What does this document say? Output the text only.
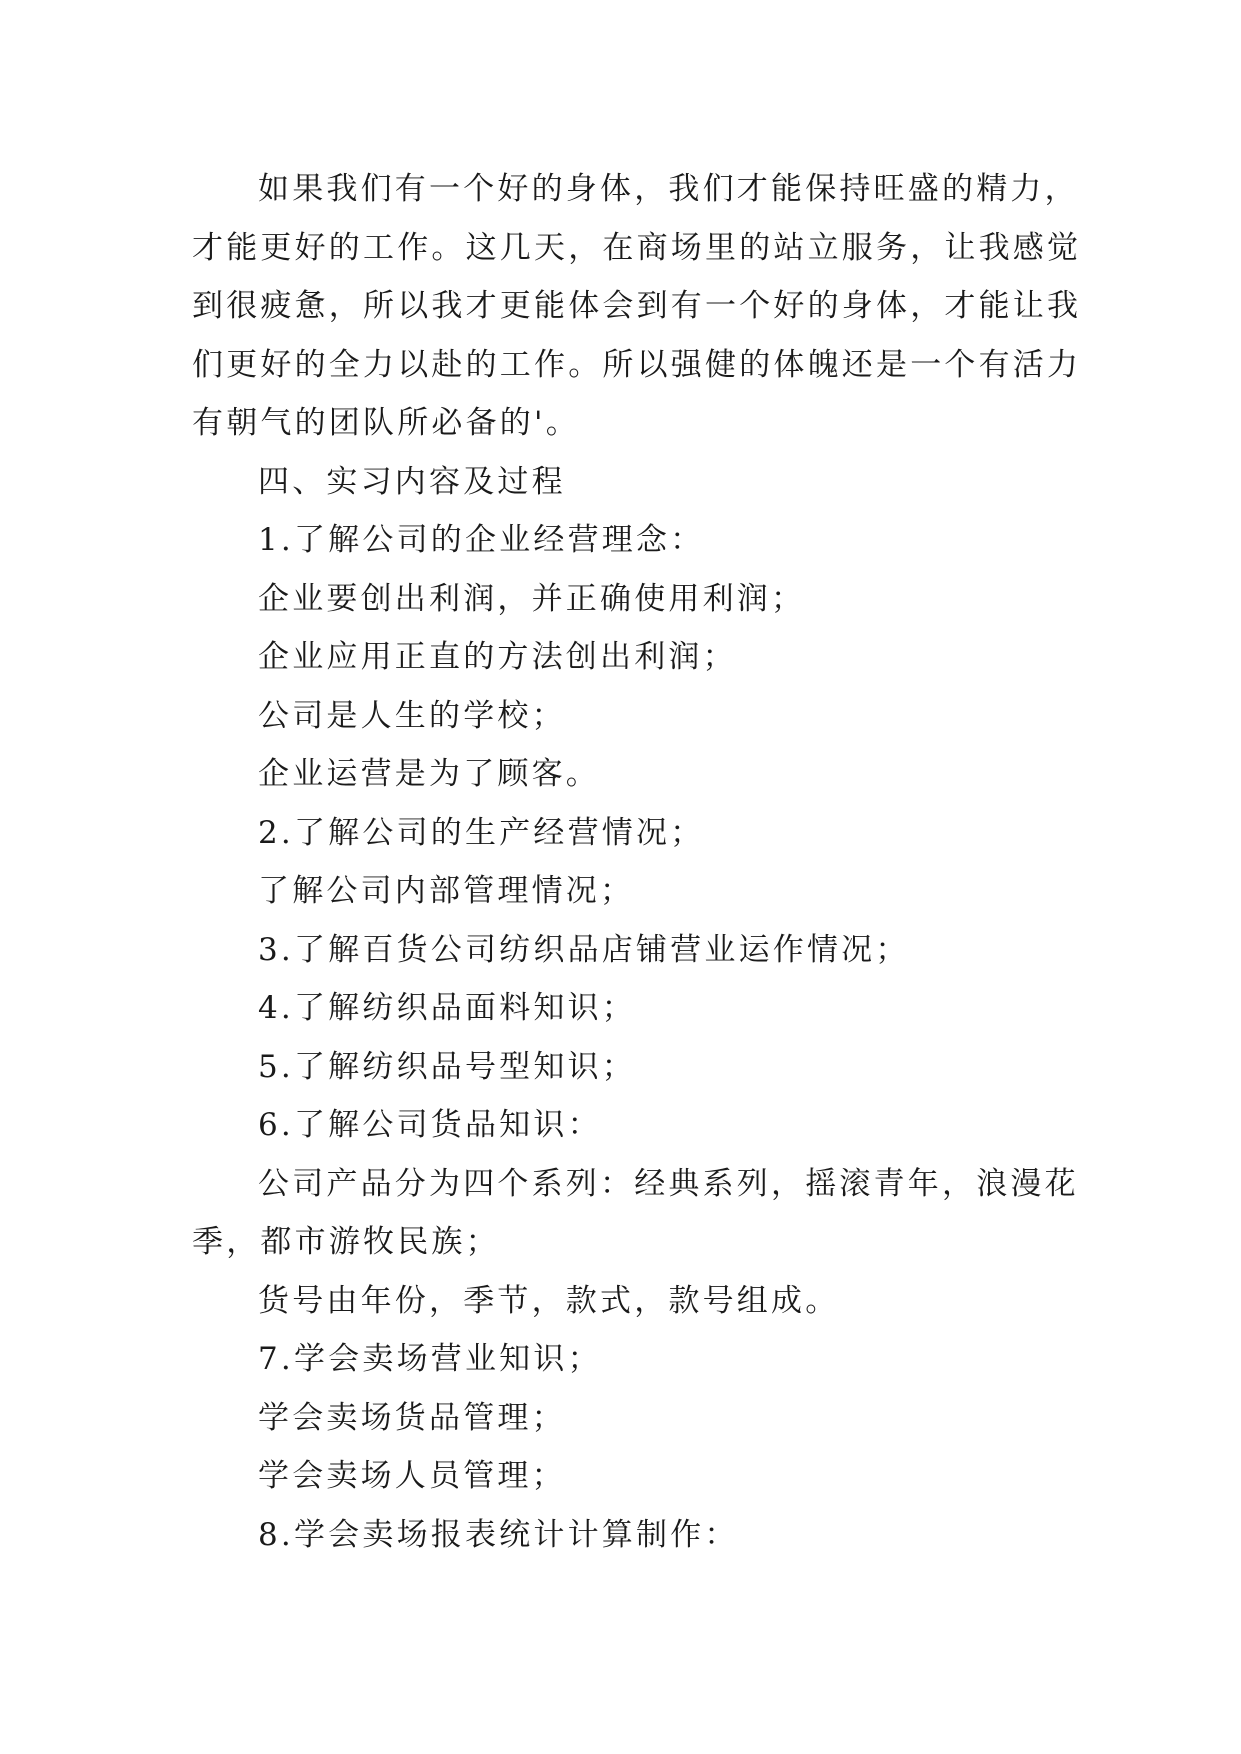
如果我们有一个好的身体，我们才能保持旺盛的精力，
才能更好的工作。这几天，在商场里的站立服务，让我感觉
到很疲惫，所以我才更能体会到有一个好的身体，才能让我
们更好的全力以赴的工作。所以强健的体魄还是一个有活力
有朝气的团队所必备的'。
四、实习内容及过程
1.了解公司的企业经营理念：
企业要创出利润，并正确使用利润；
企业应用正直的方法创出利润；
公司是人生的学校；
企业运营是为了顾客。
2.了解公司的生产经营情况；
了解公司内部管理情况；
3.了解百货公司纺织品店铺营业运作情况；
4.了解纺织品面料知识；
5.了解纺织品号型知识；
6.了解公司货品知识：
公司产品分为四个系列：经典系列，摇滚青年，浪漫花
季，都市游牧民族；
货号由年份，季节，款式，款号组成。
7.学会卖场营业知识；
学会卖场货品管理；
学会卖场人员管理；
8.学会卖场报表统计计算制作：
